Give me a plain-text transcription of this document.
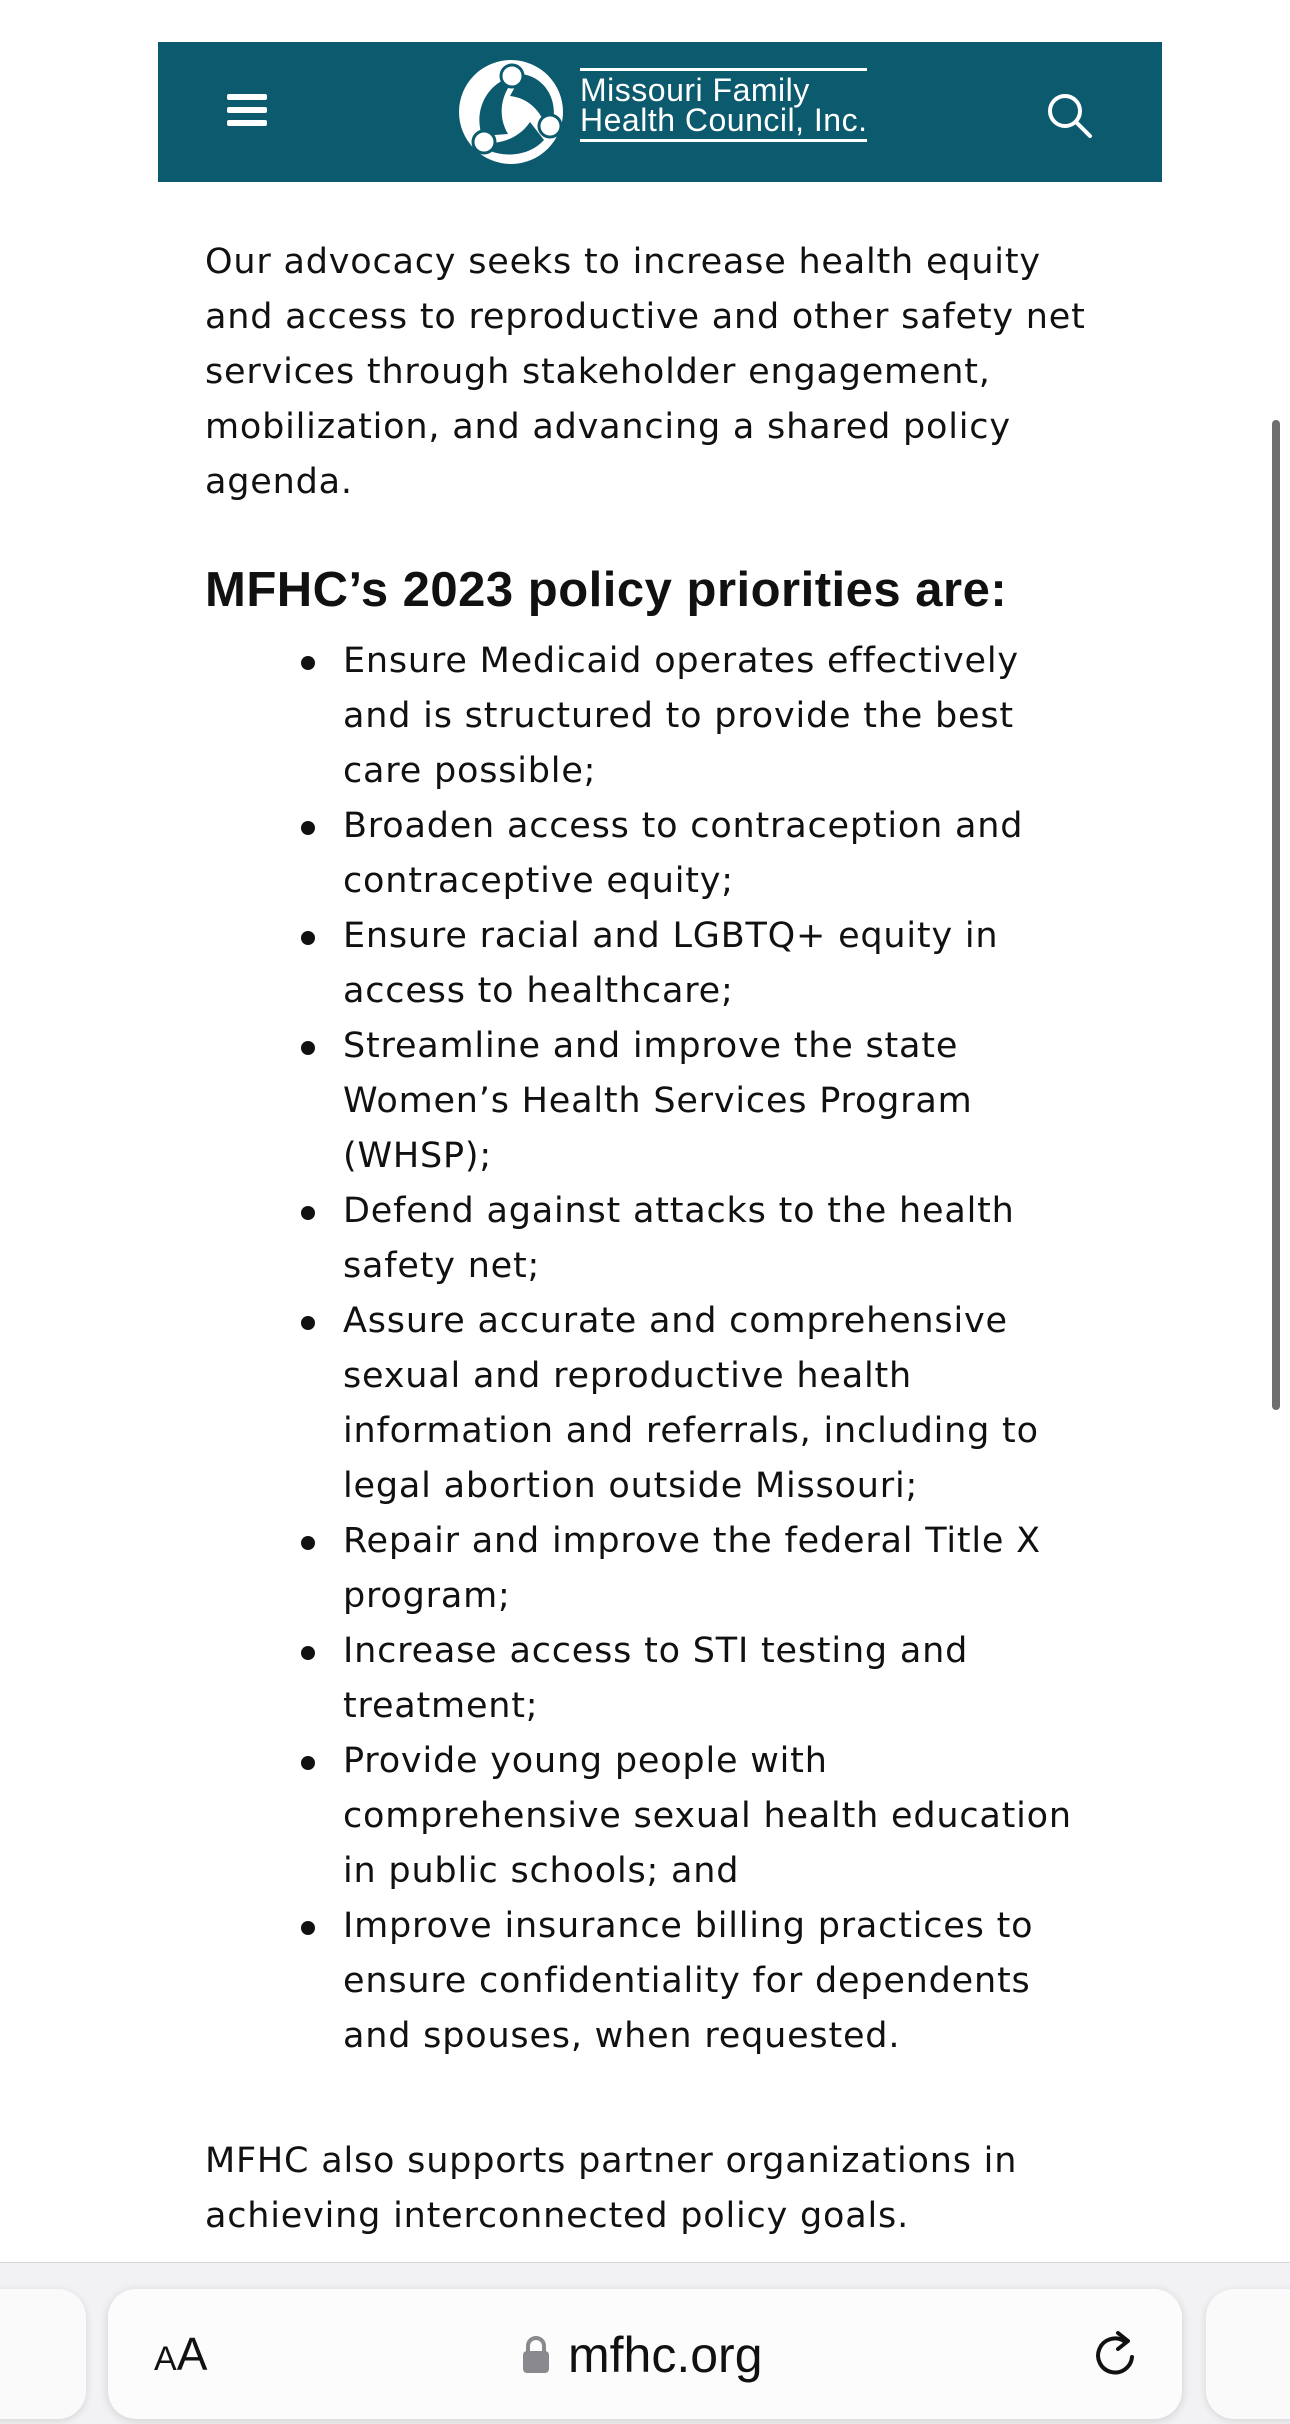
Missouri Family
Health Council, Inc.

Our advocacy seeks to increase health equity and access to reproductive and other safety net services through stakeholder engagement, mobilization, and advancing a shared policy agenda.

MFHC’s 2023 policy priorities are:
Ensure Medicaid operates effectively and is structured to provide the best care possible;
Broaden access to contraception and contraceptive equity;
Ensure racial and LGBTQ+ equity in access to healthcare;
Streamline and improve the state Women’s Health Services Program (WHSP);
Defend against attacks to the health safety net;
Assure accurate and comprehensive sexual and reproductive health information and referrals, including to legal abortion outside Missouri;
Repair and improve the federal Title X program;
Increase access to STI testing and treatment;
Provide young people with comprehensive sexual health education in public schools; and
Improve insurance billing practices to ensure confidentiality for dependents and spouses, when requested.

MFHC also supports partner organizations in achieving interconnected policy goals.

AA	mfhc.org
